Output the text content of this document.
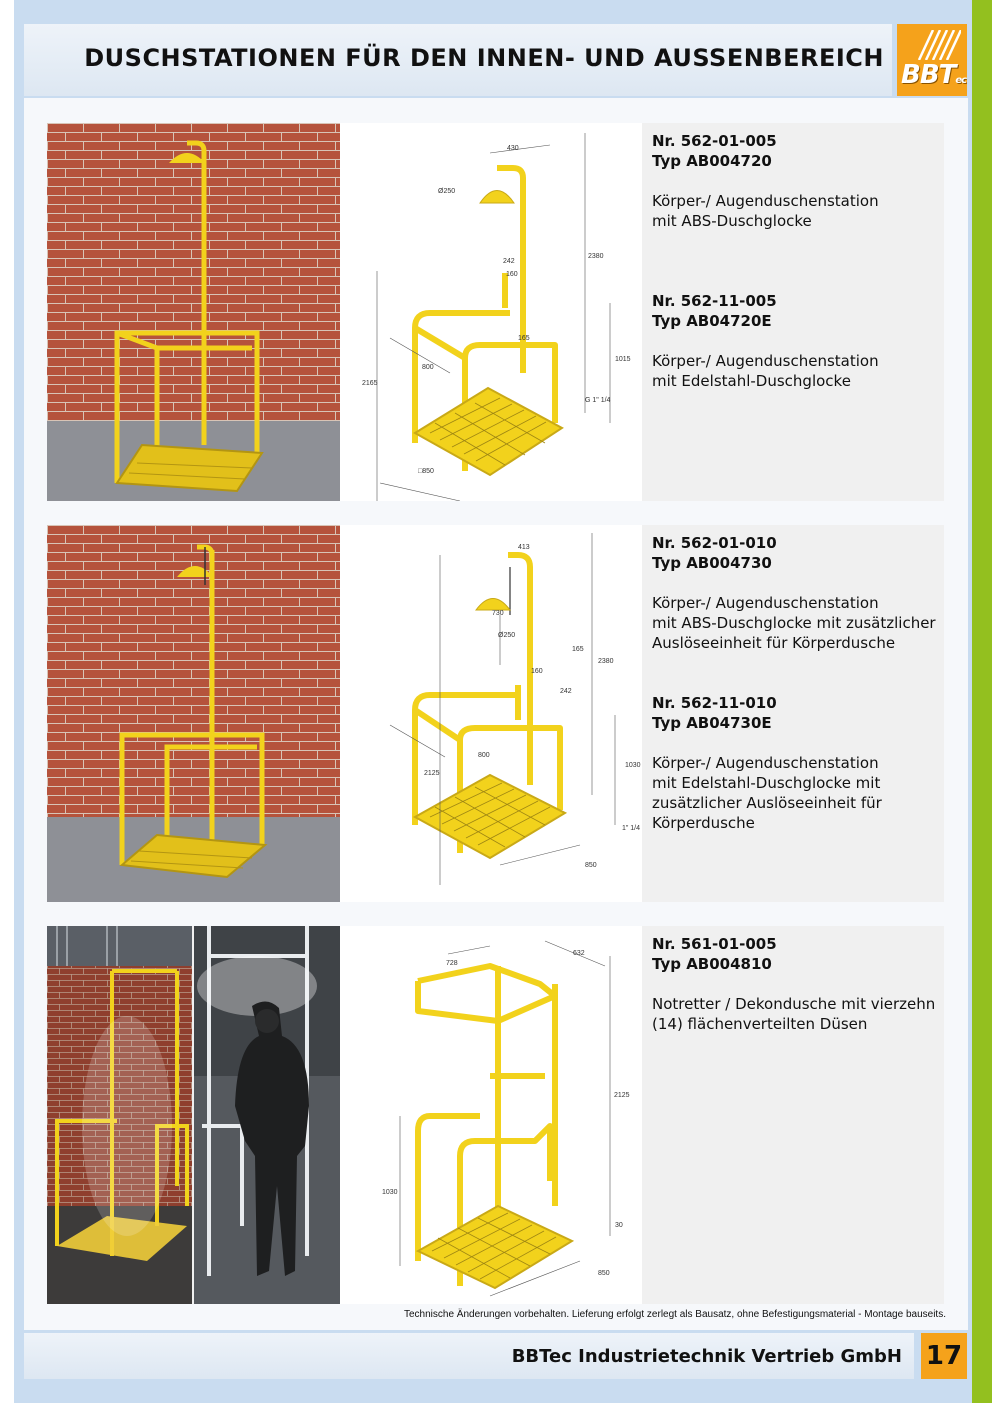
DUSCHSTATIONEN FÜR DEN INNEN- UND AUSSENBEREICH
BBTec
430
Ø250
2380
242
160
165
1015
800
2165
G 1" 1/4
□850
Nr. 562-01-005
Typ AB004720
Körper-/ Augenduschenstation
mit ABS-Duschglocke
Nr. 562-11-005
Typ AB04720E
Körper-/ Augenduschenstation
mit Edelstahl-Duschglocke
413
730
Ø250
165
2380
160
242
800
2125
1030
1" 1/4
850
Nr. 562-01-010
Typ AB004730
Körper-/ Augenduschenstation
mit ABS-Duschglocke mit zusätzlicher
Auslöseeinheit für Körperdusche
Nr. 562-11-010
Typ AB04730E
Körper-/ Augenduschenstation
mit Edelstahl-Duschglocke mit
zusätzlicher Auslöseeinheit für
Körperdusche
728
632
2125
1030
30
850
Nr. 561-01-005
Typ AB004810
Notretter / Dekondusche mit vierzehn
(14) flächenverteilten Düsen
Technische Änderungen vorbehalten. Lieferung erfolgt zerlegt als Bausatz, ohne Befestigungsmaterial - Montage bauseits.
BBTec Industrietechnik Vertrieb GmbH 17
